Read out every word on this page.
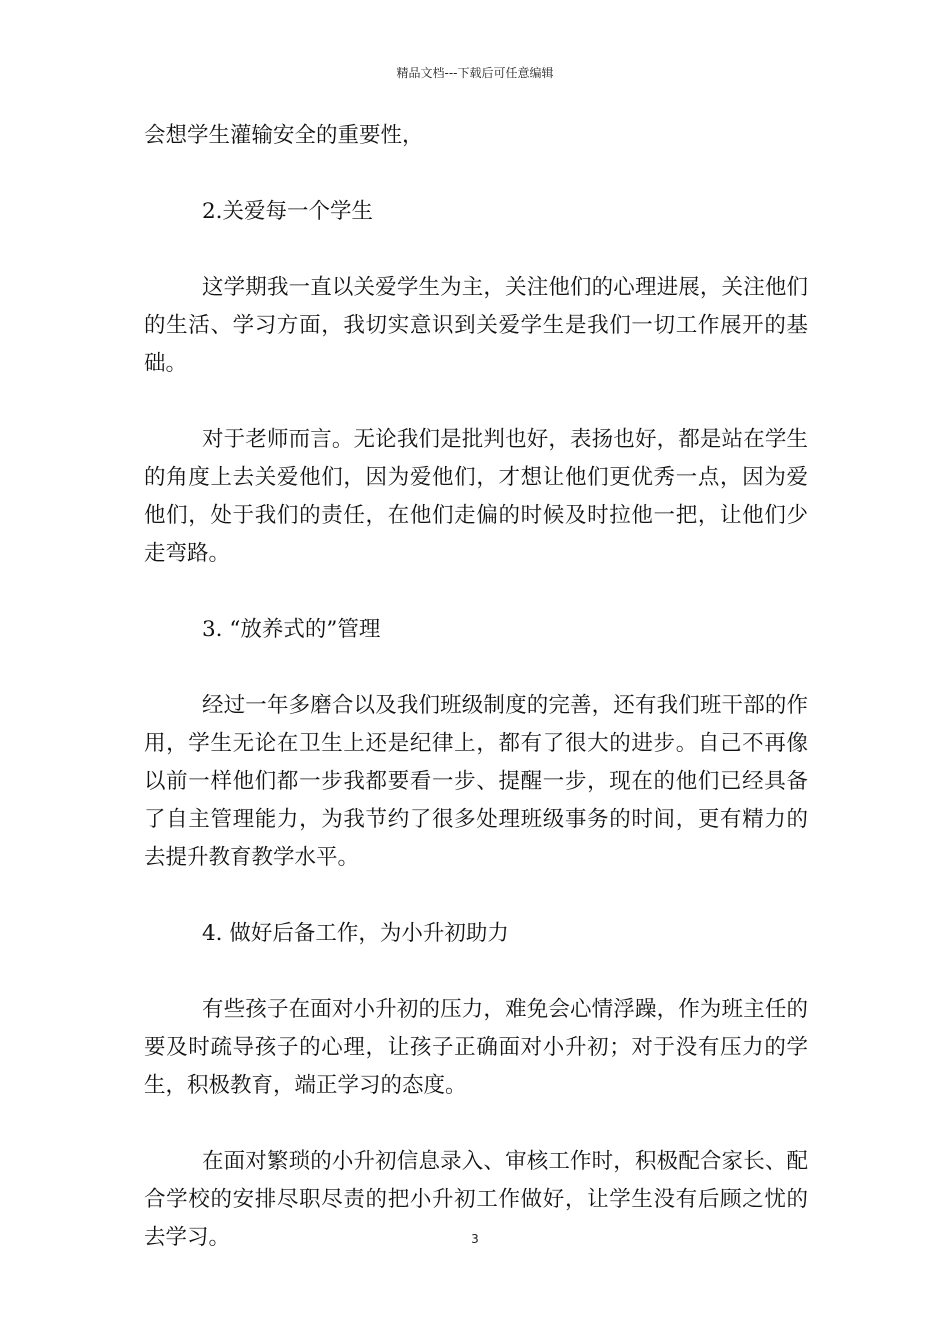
精品文档---下载后可任意编辑

会想学生灌输安全的重要性，

2.关爱每一个学生

这学期我一直以关爱学生为主，关注他们的心理进展，关注他们的生活、学习方面，我切实意识到关爱学生是我们一切工作展开的基础。

对于老师而言。无论我们是批判也好，表扬也好，都是站在学生的角度上去关爱他们，因为爱他们，才想让他们更优秀一点，因为爱他们，处于我们的责任，在他们走偏的时候及时拉他一把，让他们少走弯路。

3. “放养式的”管理

经过一年多磨合以及我们班级制度的完善，还有我们班干部的作用，学生无论在卫生上还是纪律上，都有了很大的进步。自己不再像以前一样他们都一步我都要看一步、提醒一步，现在的他们已经具备了自主管理能力，为我节约了很多处理班级事务的时间，更有精力的去提升教育教学水平。

4. 做好后备工作，为小升初助力

有些孩子在面对小升初的压力，难免会心情浮躁，作为班主任的要及时疏导孩子的心理，让孩子正确面对小升初；对于没有压力的学生，积极教育，端正学习的态度。

在面对繁琐的小升初信息录入、审核工作时，积极配合家长、配合学校的安排尽职尽责的把小升初工作做好，让学生没有后顾之忧的去学习。	3
